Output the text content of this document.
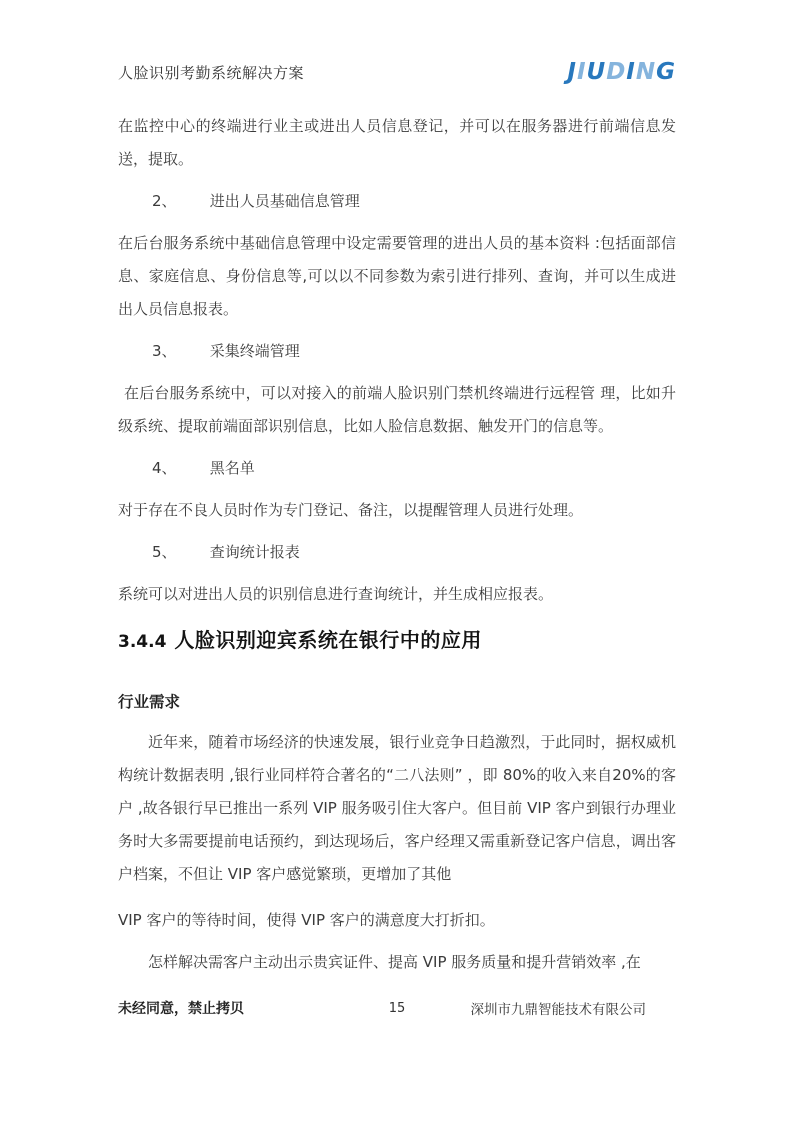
人脸识别考勤系统解决方案	JIUDING

在监控中心的终端进行业主或进出人员信息登记，并可以在服务器进行前端信息发送，提取。

2、 进出人员基础信息管理

在后台服务系统中基础信息管理中设定需要管理的进出人员的基本资料 :包括面部信息、家庭信息、身份信息等,可以以不同参数为索引进行排列、查询，并可以生成进出人员信息报表。

3、 采集终端管理

在后台服务系统中，可以对接入的前端人脸识别门禁机终端进行远程管 理，比如升级系统、提取前端面部识别信息，比如人脸信息数据、触发开门的信息等。

4、 黑名单

对于存在不良人员时作为专门登记、备注，以提醒管理人员进行处理。

5、 查询统计报表

系统可以对进出人员的识别信息进行查询统计，并生成相应报表。

3.4.4 人脸识别迎宾系统在银行中的应用
行业需求

近年来，随着市场经济的快速发展，银行业竞争日趋激烈，于此同时，据权威机构统计数据表明 ,银行业同样符合著名的“二八法则” ，即 80%的收入来自20%的客户 ,故各银行早已推出一系列 VIP 服务吸引住大客户。但目前 VIP 客户到银行办理业务时大多需要提前电话预约，到达现场后，客户经理又需重新登记客户信息，调出客户档案，不但让 VIP 客户感觉繁琐，更增加了其他

VIP 客户的等待时间，使得 VIP 客户的满意度大打折扣。

怎样解决需客户主动出示贵宾证件、提高 VIP 服务质量和提升营销效率 ,在

未经同意，禁止拷贝	15	深圳市九鼎智能技术有限公司
